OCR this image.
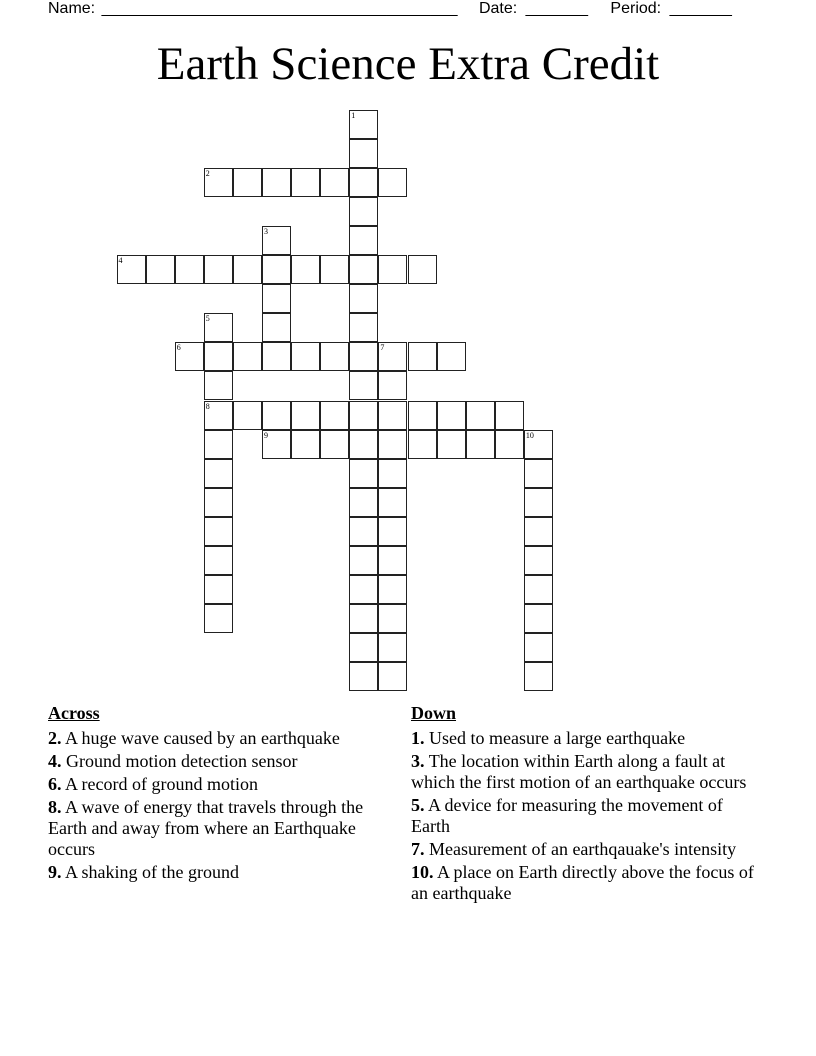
Name: ________________________________________ Date: _______ Period: _______
Earth Science Extra Credit
1
2
3
4
5
8
6	7
9	10
Across
2. A huge wave caused by an earthquake
4. Ground motion detection sensor
6. A record of ground motion
8. A wave of energy that travels through the Earth and away from where an Earthquake occurs
9. A shaking of the ground
Down
1. Used to measure a large earthquake
3. The location within Earth along a fault at which the first motion of an earthquake occurs
5. A device for measuring the movement of Earth
7. Measurement of an earthqauake's intensity
10. A place on Earth directly above the focus of an earthquake
